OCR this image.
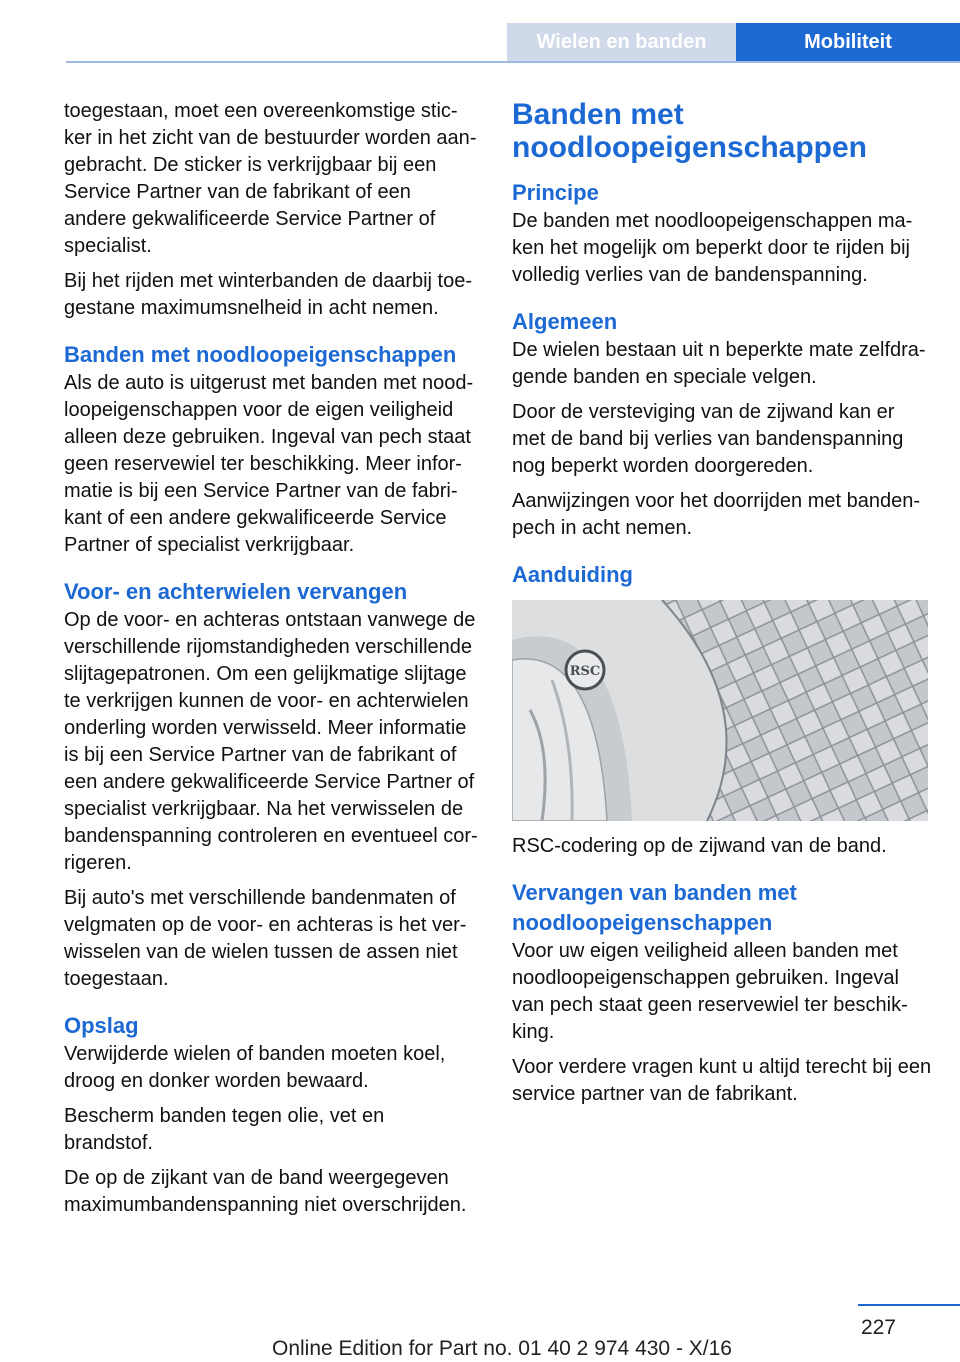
Wielen en banden	Mobiliteit

toegestaan, moet een overeenkomstige sticker in het zicht van de bestuurder worden aangebracht. De sticker is verkrijgbaar bij een Service Partner van de fabrikant of een andere gekwalificeerde Service Partner of specialist.

Bij het rijden met winterbanden de daarbij toegestane maximumsnelheid in acht nemen.

Banden met noodloopeigenschappen

Als de auto is uitgerust met banden met noodloopeigenschappen voor de eigen veiligheid alleen deze gebruiken. Ingeval van pech staat geen reservewiel ter beschikking. Meer informatie is bij een Service Partner van de fabrikant of een andere gekwalificeerde Service Partner of specialist verkrijgbaar.

Voor- en achterwielen vervangen

Op de voor- en achteras ontstaan vanwege de verschillende rijomstandigheden verschillende slijtagepatronen. Om een gelijkmatige slijtage te verkrijgen kunnen de voor- en achterwielen onderling worden verwisseld. Meer informatie is bij een Service Partner van de fabrikant of een andere gekwalificeerde Service Partner of specialist verkrijgbaar. Na het verwisselen de bandenspanning controleren en eventueel corrigeren.

Bij auto's met verschillende bandenmaten of velgmaten op de voor- en achteras is het verwisselen van de wielen tussen de assen niet toegestaan.

Opslag

Verwijderde wielen of banden moeten koel, droog en donker worden bewaard.

Bescherm banden tegen olie, vet en brandstof.

De op de zijkant van de band weergegeven maximumbandenspanning niet overschrijden.

Banden met noodloopeigenschappen
Principe

De banden met noodloopeigenschappen maken het mogelijk om beperkt door te rijden bij volledig verlies van de bandenspanning.

Algemeen

De wielen bestaan uit n beperkte mate zelfdragende banden en speciale velgen.

Door de versteviging van de zijwand kan er met de band bij verlies van bandenspanning nog beperkt worden doorgereden.

Aanwijzingen voor het doorrijden met bandenpech in acht nemen.

Aanduiding
RSC

RSC-codering op de zijwand van de band.

Vervangen van banden met noodloopeigenschappen

Voor uw eigen veiligheid alleen banden met noodloopeigenschappen gebruiken. Ingeval van pech staat geen reservewiel ter beschikking.

Voor verdere vragen kunt u altijd terecht bij een service partner van de fabrikant.

227
Online Edition for Part no. 01 40 2 974 430 - X/16
